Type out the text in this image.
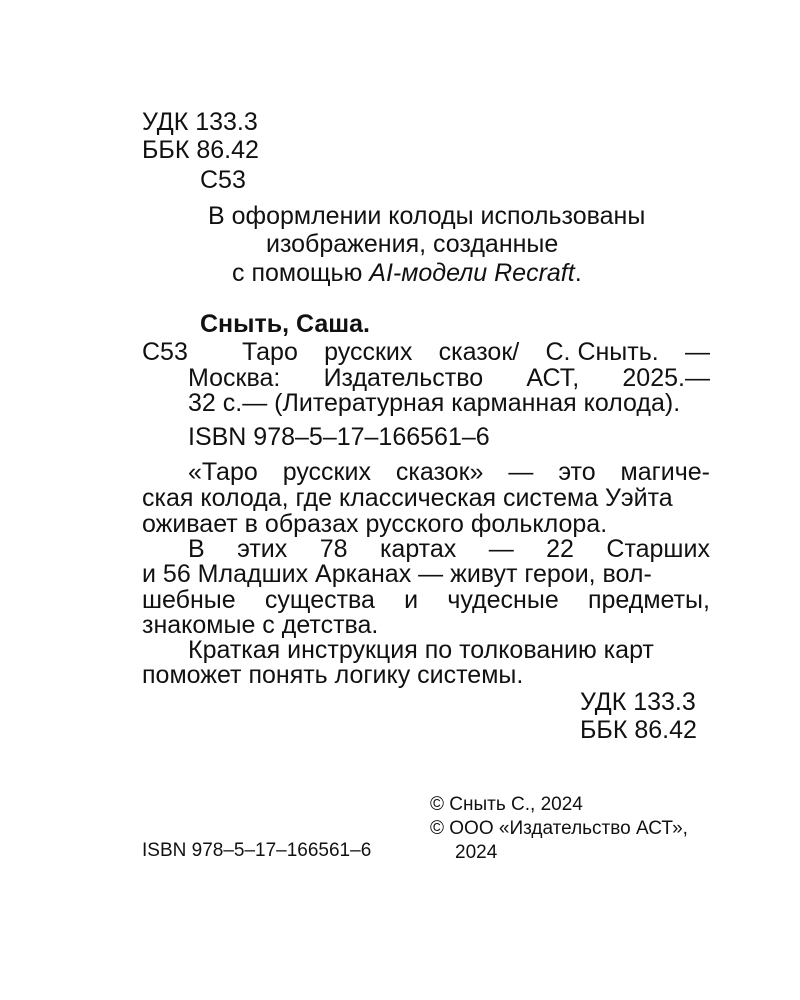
УДК 133.3
ББК 86.42
С53
В оформлении колоды использованы
изображения, созданные
с помощью AI-модели Recraft.
Сныть, Саша.
С53 Таро русских сказок/ С. Сныть. —
Москва: Издательство АСТ, 2025.—
32 с.— (Литературная карманная колода).
ISBN 978–5–17–166561–6
«Таро русских сказок» — это магиче-
ская колода, где классическая система Уэйта
оживает в образах русского фольклора.
В этих 78 картах — 22 Старших
и 56 Младших Арканах — живут герои, вол-
шебные существа и чудесные предметы,
знакомые с детства.
Краткая инструкция по толкованию карт
поможет понять логику системы.
УДК 133.3
ББК 86.42
© Сныть С., 2024
© ООО «Издательство АСТ»,
2024
ISBN 978–5–17–166561–6
